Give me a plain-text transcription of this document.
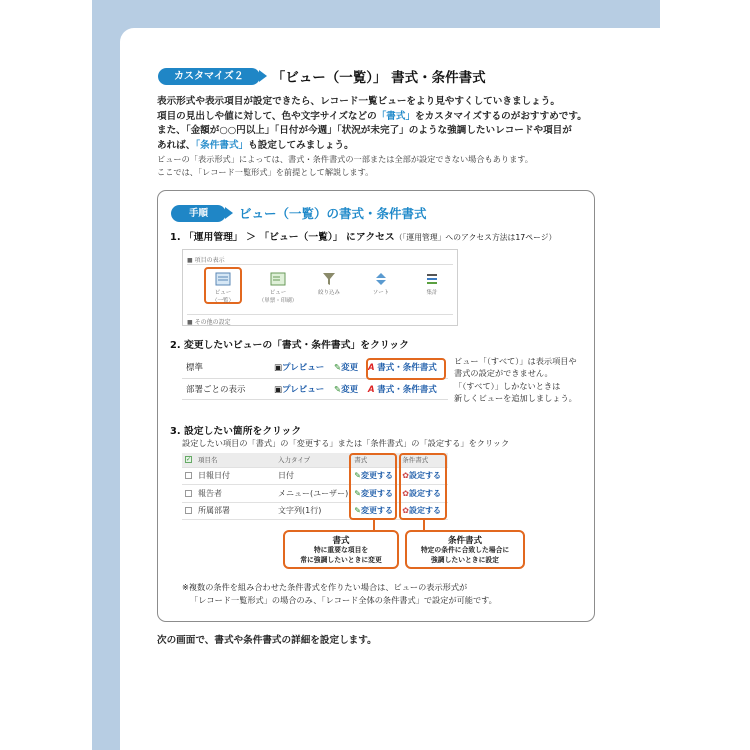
カスタマイズ２	「ビュー（一覧）」 書式・条件書式
表示形式や表示項目が設定できたら、レコード一覧ビューをより見やすくしていきましょう。
項目の見出しや値に対して、色や文字サイズなどの「書式」をカスタマイズするのがおすすめです。
また、「金額が○○円以上」「日付が今週」「状況が未完了」のような強調したいレコードや項目が
あれば、「条件書式」も設定してみましょう。
ビューの「表示形式」によっては、書式・条件書式の一部または全部が設定できない場合もあります。
ここでは、「レコード一覧形式」を前提として解説します。
手順	ビュー（一覧）の書式・条件書式
1. 「運用管理」 ＞ 「ビュー（一覧）」 にアクセス（「運用管理」へのアクセス方法は17ページ）
■ 項目の表示
ビュー
（一覧）
ビュー
（単票・印刷）
絞り込み	ソート	集計
■ その他の設定
2. 変更したいビューの「書式・条件書式」をクリック
標準	▣プレビュー	✎変更	A 書式・条件書式
部署ごとの表示	▣プレビュー	✎変更	A 書式・条件書式
ビュー「（すべて）」は表示項目や
書式の設定ができません。
「（すべて）」しかないときは
新しくビューを追加しましょう。
3. 設定したい箇所をクリック
設定したい項目の「書式」の「変更する」または「条件書式」の「設定する」をクリック
✓	項目名	入力タイプ	書式	条件書式
	日報日付	日付	✎変更する	✿設定する
	報告者	メニュー(ユーザー)	✎変更する	✿設定する
	所属部署	文字列(1行)	✎変更する	✿設定する
書式
特に重要な項目を
常に強調したいときに変更
条件書式
特定の条件に合致した場合に
強調したいときに設定
※複数の条件を組み合わせた条件書式を作りたい場合は、ビューの表示形式が
「レコード一覧形式」の場合のみ、「レコード全体の条件書式」で設定が可能です。
次の画面で、書式や条件書式の詳細を設定します。
